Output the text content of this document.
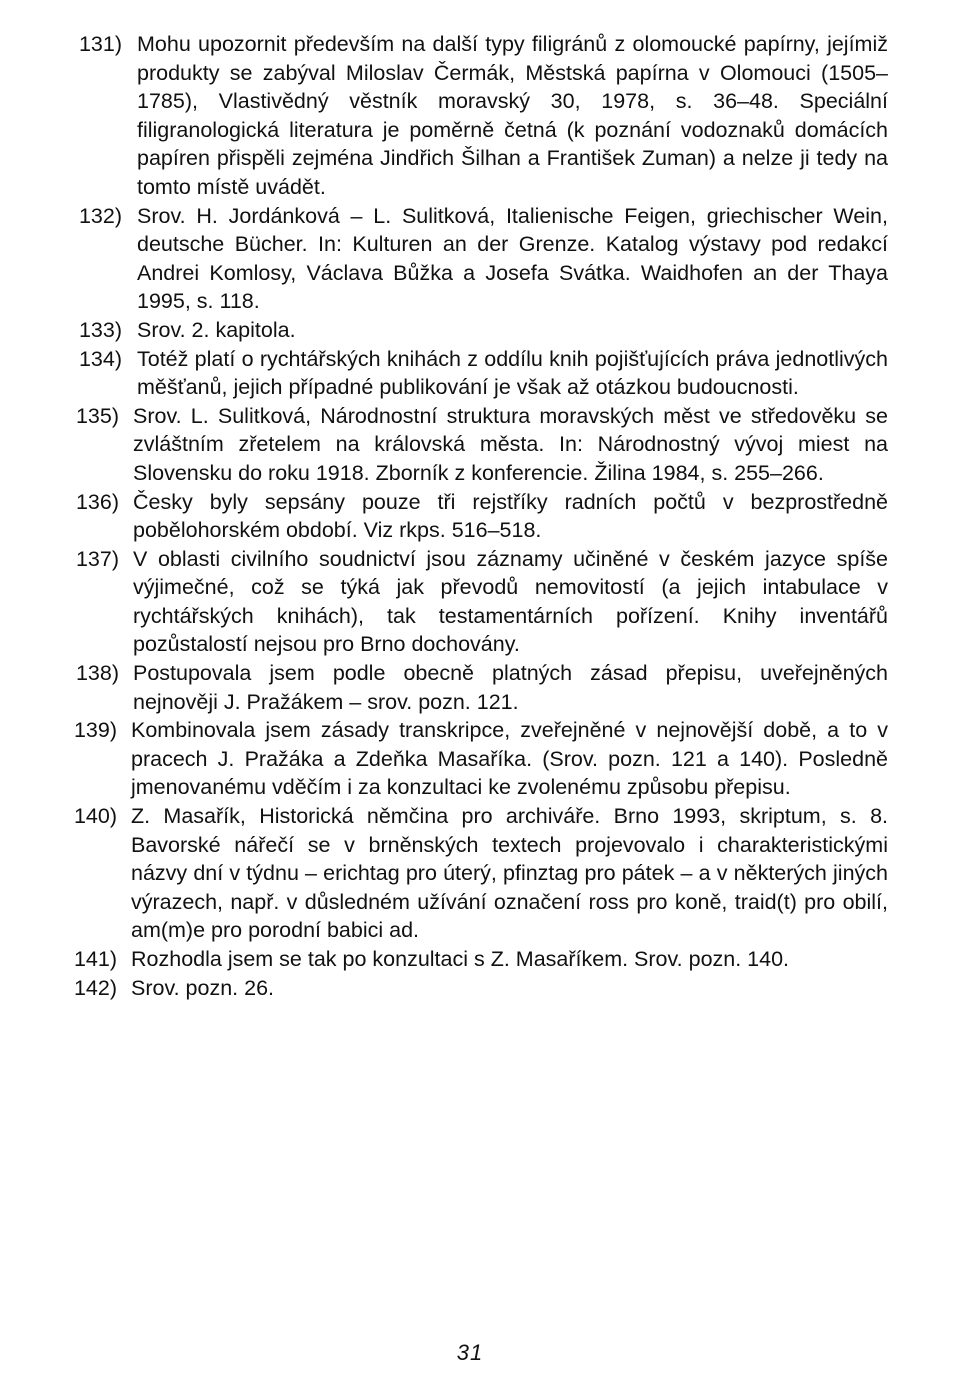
131) Mohu upozornit především na další typy filigránů z olomoucké papírny, jejímiž produkty se zabýval Miloslav Čermák, Městská papírna v Olomouci (1505–1785), Vlastivědný věstník moravský 30, 1978, s. 36–48. Speciální filigranologická literatura je poměrně četná (k poznání vodoznaků domácích papíren přispěli zejména Jindřich Šilhan a František Zuman) a nelze ji tedy na tomto místě uvádět.
132) Srov. H. Jordánková – L. Sulitková, Italienische Feigen, griechischer Wein, deutsche Bücher. In: Kulturen an der Grenze. Katalog výstavy pod redakcí Andrei Komlosy, Václava Bůžka a Josefa Svátka. Waidhofen an der Thaya 1995, s. 118.
133) Srov. 2. kapitola.
134) Totéž platí o rychtářských knihách z oddílu knih pojišťujících práva jednotlivých měšťanů, jejich případné publikování je však až otázkou budoucnosti.
135) Srov. L. Sulitková, Národnostní struktura moravských měst ve středověku se zvláštním zřetelem na královská města. In: Národnostný vývoj miest na Slovensku do roku 1918. Zborník z konferencie. Žilina 1984, s. 255–266.
136) Česky byly sepsány pouze tři rejstříky radních počtů v bezprostředně pobělohorském období. Viz rkps. 516–518.
137) V oblasti civilního soudnictví jsou záznamy učiněné v českém jazyce spíše výjimečné, což se týká jak převodů nemovitostí (a jejich intabulace v rychtářských knihách), tak testamentárních pořízení. Knihy inventářů pozůstalostí nejsou pro Brno dochovány.
138) Postupovala jsem podle obecně platných zásad přepisu, uveřejněných nejnověji J. Pražákem – srov. pozn. 121.
139) Kombinovala jsem zásady transkripce, zveřejněné v nejnovější době, a to v pracech J. Pražáka a Zdeňka Masaříka. (Srov. pozn. 121 a 140). Posledně jmenovanému vděčím i za konzultaci ke zvolenému způsobu přepisu.
140) Z. Masařík, Historická němčina pro archiváře. Brno 1993, skriptum, s. 8. Bavorské nářečí se v brněnských textech projevovalo i charakteristickými názvy dní v týdnu – erichtag pro úterý, pfinztag pro pátek – a v některých jiných výrazech, např. v důsledném užívání označení ross pro koně, traid(t) pro obilí, am(m)e pro porodní babici ad.
141) Rozhodla jsem se tak po konzultaci s Z. Masaříkem. Srov. pozn. 140.
142) Srov. pozn. 26.
31
